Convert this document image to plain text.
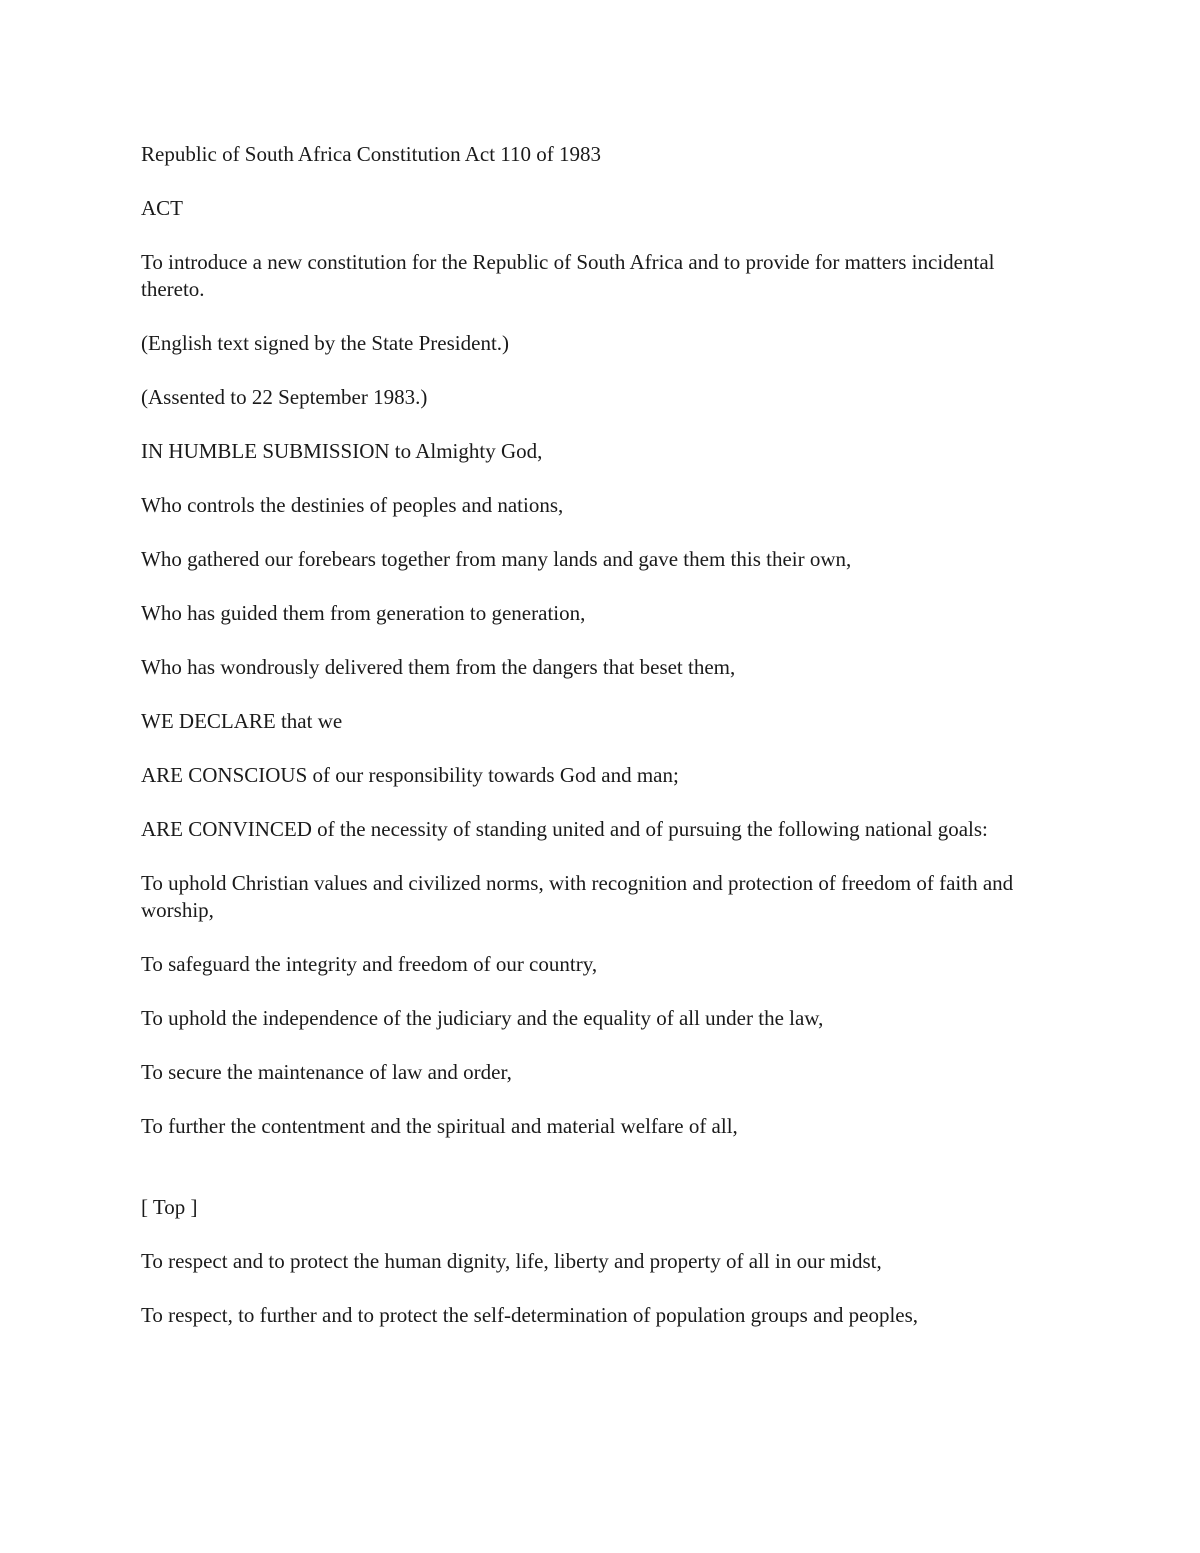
Republic of South Africa Constitution Act 110 of 1983

ACT

To introduce a new constitution for the Republic of South Africa and to provide for matters incidental thereto.

(English text signed by the State President.)

(Assented to 22 September 1983.)

IN HUMBLE SUBMISSION to Almighty God,

Who controls the destinies of peoples and nations,

Who gathered our forebears together from many lands and gave them this their own,

Who has guided them from generation to generation,

Who has wondrously delivered them from the dangers that beset them,

WE DECLARE that we

ARE CONSCIOUS of our responsibility towards God and man;

ARE CONVINCED of the necessity of standing united and of pursuing the following national goals:

To uphold Christian values and civilized norms, with recognition and protection of freedom of faith and worship,

To safeguard the integrity and freedom of our country,

To uphold the independence of the judiciary and the equality of all under the law,

To secure the maintenance of law and order,

To further the contentment and the spiritual and material welfare of all,

[ Top ]

To respect and to protect the human dignity, life, liberty and property of all in our midst,

To respect, to further and to protect the self-determination of population groups and peoples,
